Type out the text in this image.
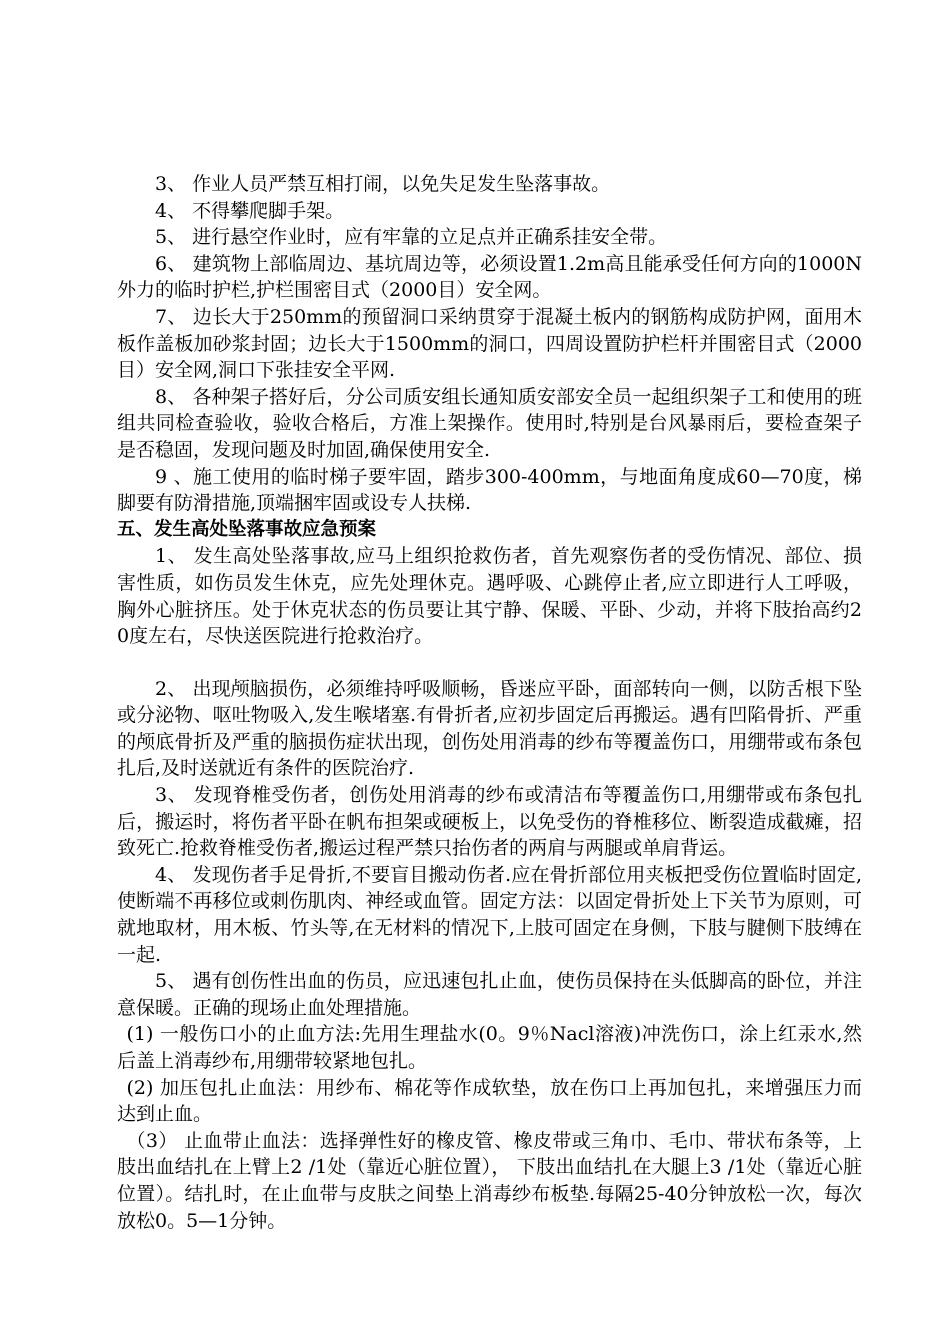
3、 作业人员严禁互相打闹，以免失足发生坠落事故。

4、 不得攀爬脚手架。

5、 进行悬空作业时，应有牢靠的立足点并正确系挂安全带。

6、 建筑物上部临周边、基坑周边等，必须设置1.2m高且能承受任何方向的1000N外力的临时护栏,护栏围密目式（2000目）安全网。

7、 边长大于250mm的预留洞口采纳贯穿于混凝土板内的钢筋构成防护网，面用木板作盖板加砂浆封固；边长大于1500mm的洞口，四周设置防护栏杆并围密目式（2000目）安全网,洞口下张挂安全平网.

8、 各种架子搭好后，分公司质安组长通知质安部安全员一起组织架子工和使用的班组共同检查验收，验收合格后，方准上架操作。使用时,特别是台风暴雨后，要检查架子是否稳固，发现问题及时加固,确保使用安全.

9 、施工使用的临时梯子要牢固，踏步300-400mm，与地面角度成60—70度，梯脚要有防滑措施,顶端捆牢固或设专人扶梯.

五、发生高处坠落事故应急预案

1、 发生高处坠落事故,应马上组织抢救伤者，首先观察伤者的受伤情况、部位、损害性质，如伤员发生休克，应先处理休克。遇呼吸、心跳停止者,应立即进行人工呼吸，胸外心脏挤压。处于休克状态的伤员要让其宁静、保暖、平卧、少动，并将下肢抬高约20度左右，尽快送医院进行抢救治疗。

2、 出现颅脑损伤，必须维持呼吸顺畅，昏迷应平卧，面部转向一侧，以防舌根下坠或分泌物、呕吐物吸入,发生喉堵塞.有骨折者,应初步固定后再搬运。遇有凹陷骨折、严重的颅底骨折及严重的脑损伤症状出现，创伤处用消毒的纱布等覆盖伤口，用绷带或布条包扎后,及时送就近有条件的医院治疗.

3、 发现脊椎受伤者，创伤处用消毒的纱布或清洁布等覆盖伤口,用绷带或布条包扎后，搬运时，将伤者平卧在帆布担架或硬板上，以免受伤的脊椎移位、断裂造成截瘫，招致死亡.抢救脊椎受伤者,搬运过程严禁只抬伤者的两肩与两腿或单肩背运。

4、 发现伤者手足骨折,不要盲目搬动伤者.应在骨折部位用夹板把受伤位置临时固定,使断端不再移位或刺伤肌肉、神经或血管。固定方法：以固定骨折处上下关节为原则，可就地取材，用木板、竹头等,在无材料的情况下,上肢可固定在身侧，下肢与腱侧下肢缚在一起.

5、 遇有创伤性出血的伤员，应迅速包扎止血，使伤员保持在头低脚高的卧位，并注意保暖。正确的现场止血处理措施。

(1) 一般伤口小的止血方法:先用生理盐水(0。9％Nacl溶液)冲洗伤口，涂上红汞水,然后盖上消毒纱布,用绷带较紧地包扎。

(2) 加压包扎止血法：用纱布、棉花等作成软垫，放在伤口上再加包扎，来增强压力而达到止血。

（3） 止血带止血法：选择弹性好的橡皮管、橡皮带或三角巾、毛巾、带状布条等，上肢出血结扎在上臂上2 /1处（靠近心脏位置）， 下肢出血结扎在大腿上3 /1处（靠近心脏位置）。结扎时，在止血带与皮肤之间垫上消毒纱布板垫.每隔25-40分钟放松一次，每次放松0。5—1分钟。
